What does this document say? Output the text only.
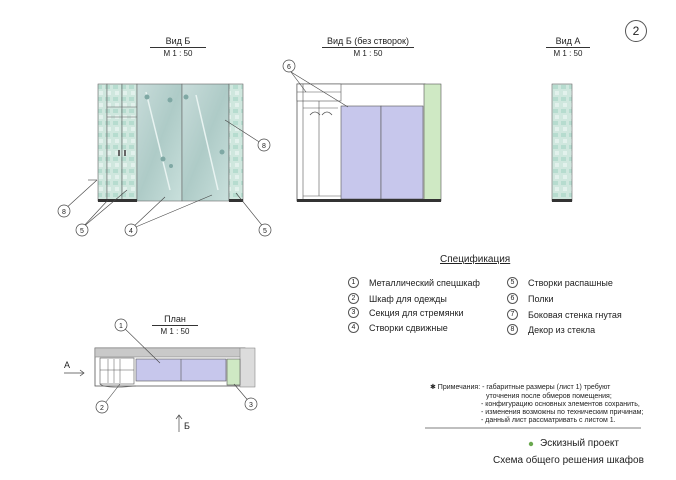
2
Вид Б
М 1 : 50
Вид Б (без створок)
М 1 : 50
Вид А
М 1 : 50
План
М 1 : 50
6
8
5	4	5
8
1
2	3
А
Б
Спецификация
1	Металлический спецшкаф
2	Шкаф для одежды
3	Секция для стремянки
4	Створки сдвижные
5	Створки распашные
6	Полки
7	Боковая стенка гнутая
8	Декор из стекла
✱ Примечания: - габаритные размеры (лист 1) требуют
уточнения после обмеров помещения;
- конфигурацию основных элементов сохранить,
- изменения возможны по техническим причинам;
- данный лист рассматривать с листом 1.
Эскизный проект
Схема общего решения шкафов
